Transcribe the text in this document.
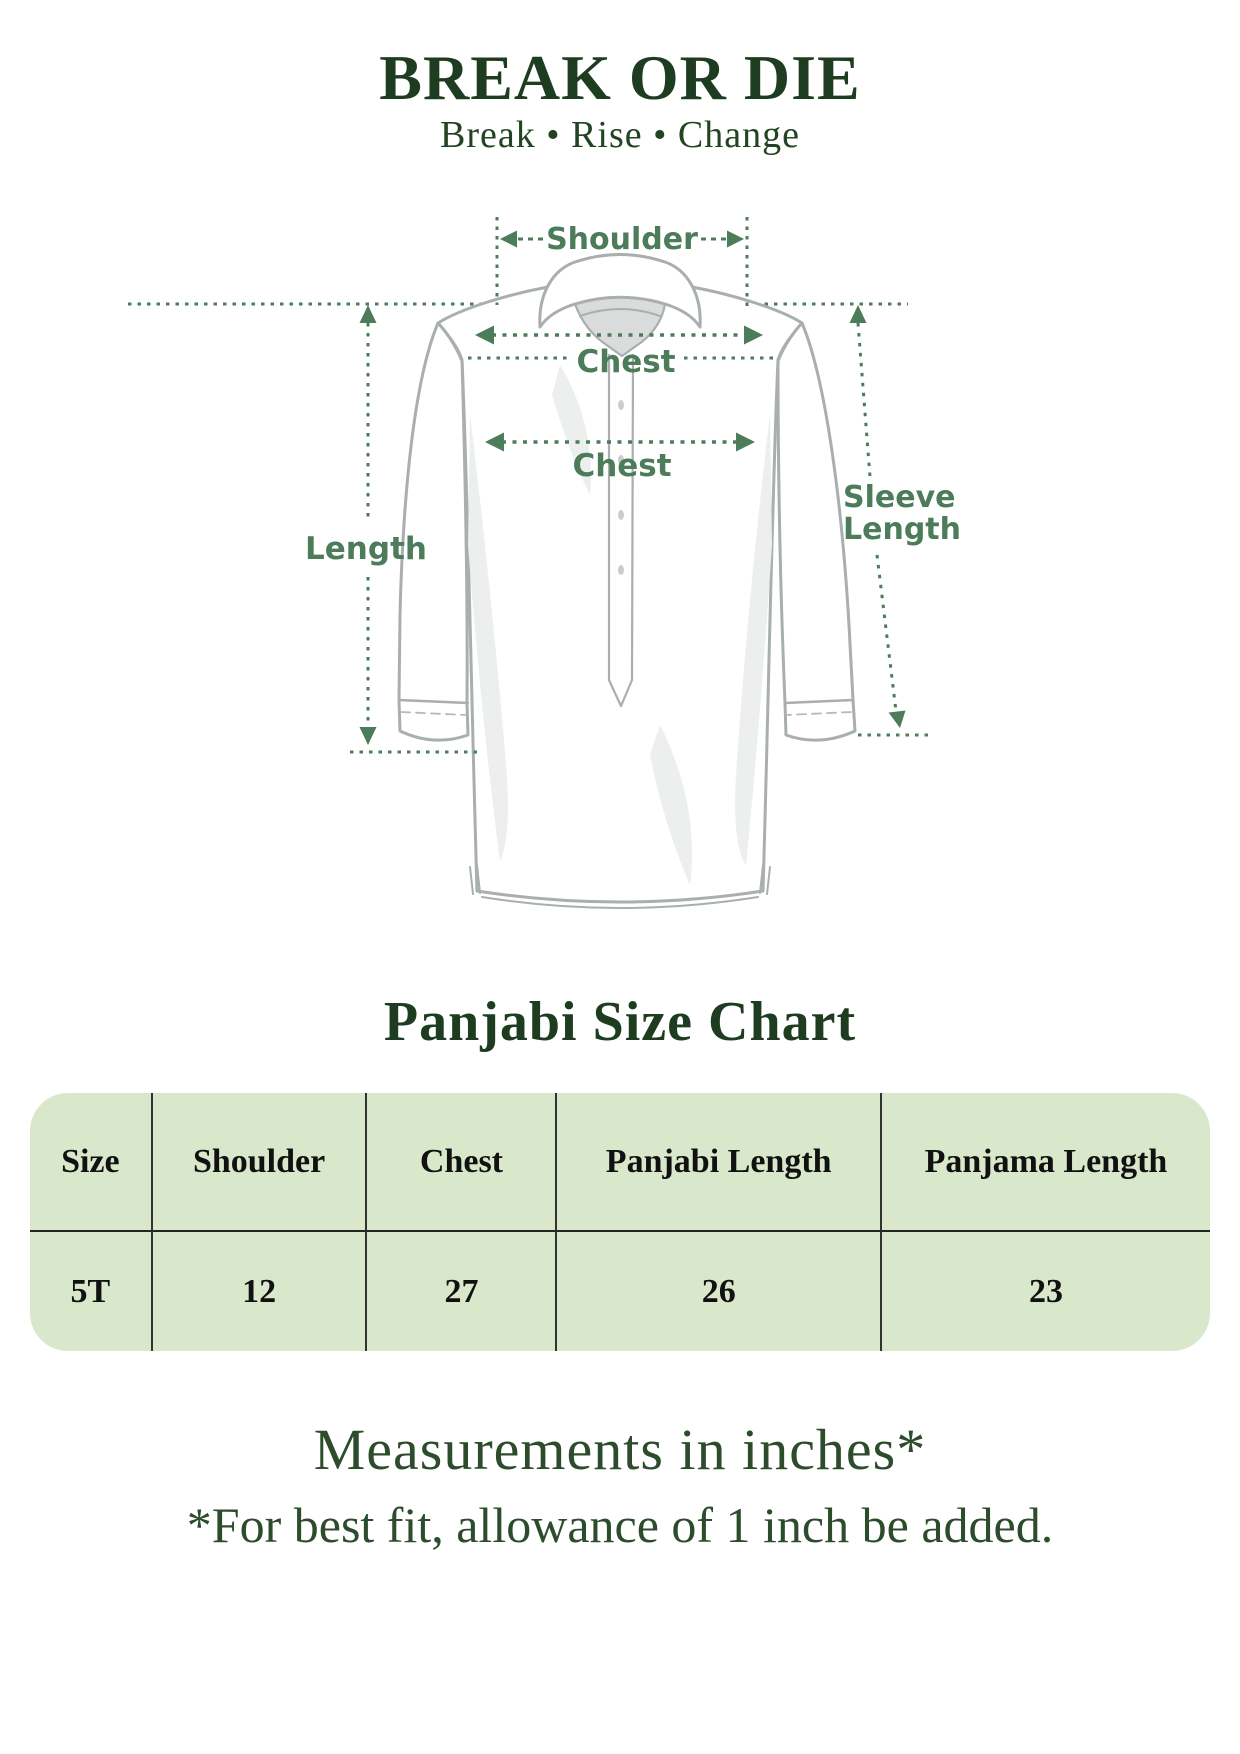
BREAK OR DIE
Break • Rise • Change
Shoulder
Chest
Chest
Length
Sleeve
Length
Panjabi Size Chart
Size	Shoulder	Chest	Panjabi Length	Panjama Length
5T	12	27	26	23
Measurements in inches*
*For best fit, allowance of 1 inch be added.
